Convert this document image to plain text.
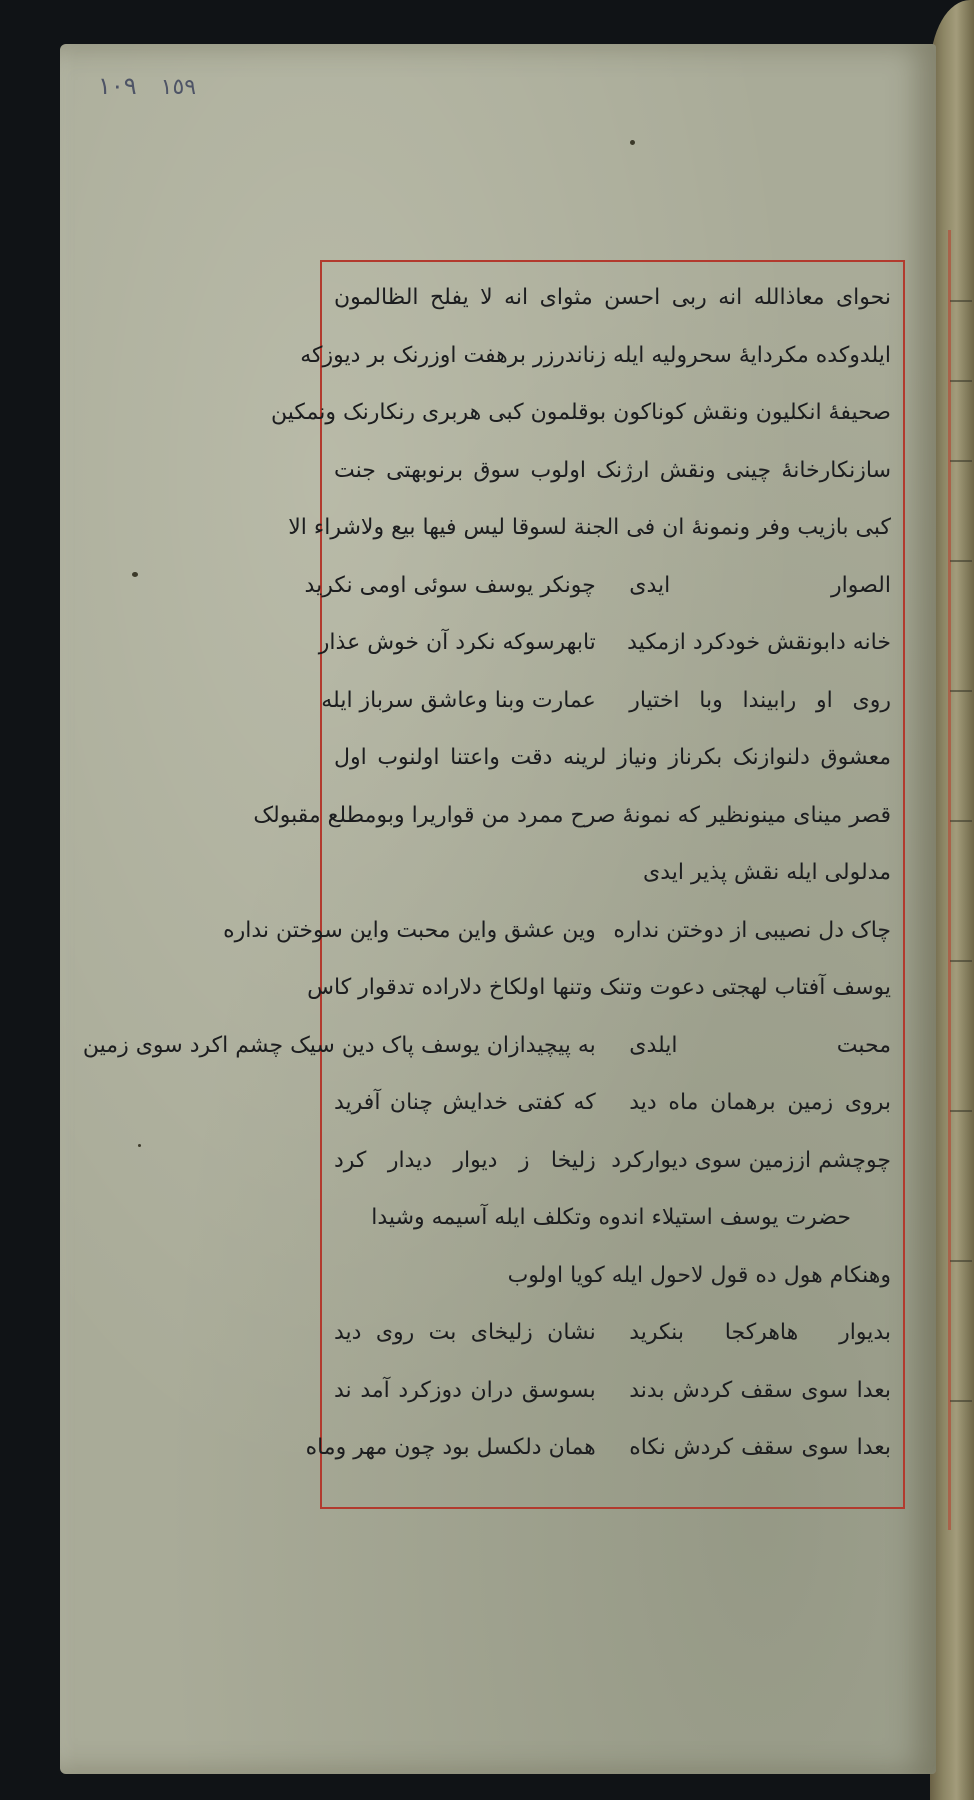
١٠٩ ١٥٩
نحوای معاذالله انه ربی احسن مثوای انه لا یفلح الظالمون
ایلدوکده مکردایهٔ سحرولیه ایله زناندرزر برهفت اوزرنک بر دیوزکه
صحیفهٔ انکلیون ونقش کوناکون بوقلمون کبی هربری رنکارنک ونمکین
سازنکارخانهٔ چینی ونقش ارژنک اولوب سوق برنوبهتی جنت
کبی بازیب وفر ونمونهٔ ان فی الجنة لسوقا لیس فیها بیع ولاشراء الا
الصوار ایدی
چونکر یوسف سوئی اومی نکرید
خانه دابونقش خودکرد ازمکید
تابهرسوکه نکرد آن خوش عذار
روی او رابیندا وبا اختیار
عمارت وبنا وعاشق سرباز ایله
معشوق دلنوازنک بکرناز ونیاز لرینه دقت واعتنا اولنوب اول
قصر مینای مینونظیر که نمونهٔ صرح ممرد من قواریرا وبومطلع مقبولک
مدلولی ایله نقش پذیر ایدی
چاک دل نصیبی از دوختن نداره
وین عشق واین محبت واین سوختن نداره
یوسف آفتاب لهجتی دعوت وتنک وتنها اولکاخ دلاراده تدقوار کاس
محبت ایلدی
به پیچیدازان یوسف پاک دین سیک چشم اکرد سوی زمین
بروی زمین برهمان ماه دید
که کفتی خدایش چنان آفرید
چوچشم اززمین سوی دیوارکرد
زلیخا ز دیوار دیدار کرد
حضرت یوسف استیلاء اندوه وتکلف ایله آسیمه وشیدا
وهنکام هول ده قول لاحول ایله کویا اولوب
بدیوار هاهرکجا بنکرید
نشان زلیخای بت روی دید
بعدا سوی سقف کردش بدند
بسوسق دران دوزکرد آمد ند
بعدا سوی سقف کردش نکاه
همان دلکسل بود چون مهر وماه
